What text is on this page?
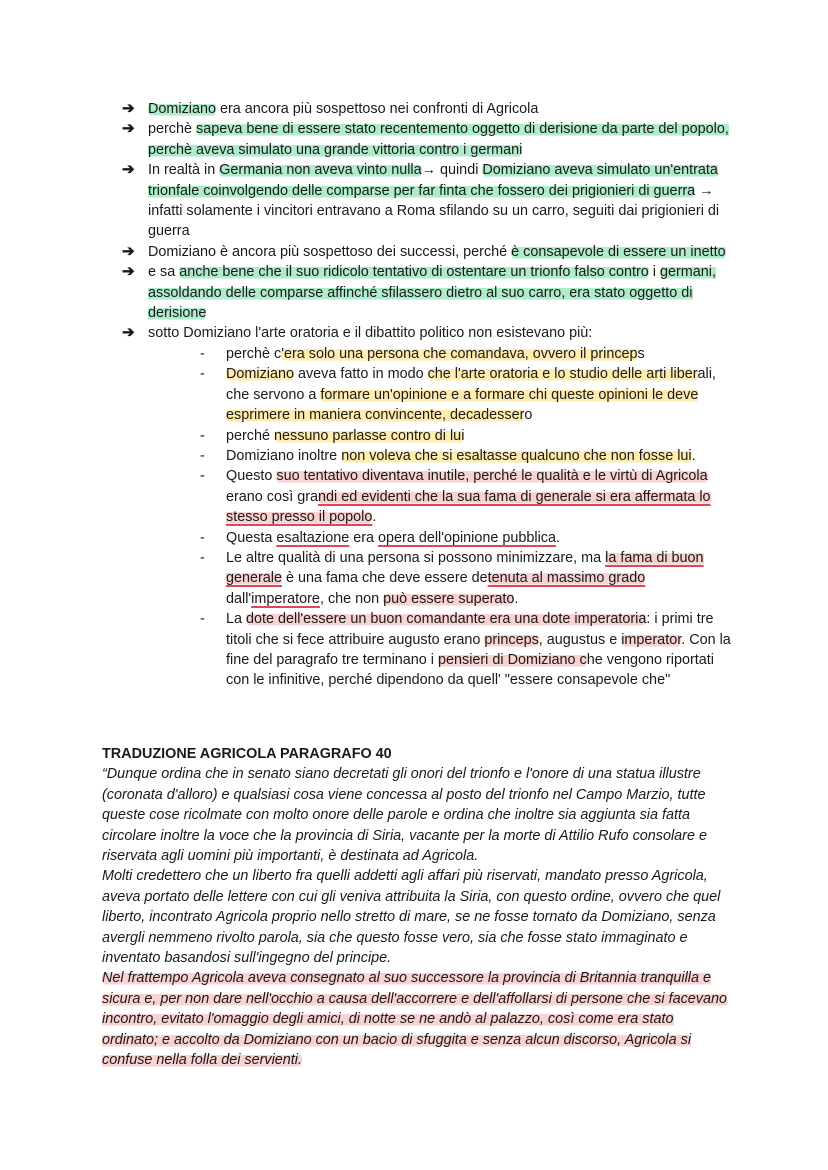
➔ Domiziano era ancora più sospettoso nei confronti di Agricola
➔ perchè sapeva bene di essere stato recentemento oggetto di derisione da parte del popolo, perchè aveva simulato una grande vittoria contro i germani
➔ In realtà in Germania non aveva vinto nulla→ quindi Domiziano aveva simulato un'entrata trionfale coinvolgendo delle comparse per far finta che fossero dei prigionieri di guerra → infatti solamente i vincitori entravano a Roma sfilando su un carro, seguiti dai prigionieri di guerra
➔ Domiziano è ancora più sospettoso dei successi, perché è consapevole di essere un inetto
➔ e sa anche bene che il suo ridicolo tentativo di ostentare un trionfo falso contro i germani, assoldando delle comparse affinché sfilassero dietro al suo carro, era stato oggetto di derisione
➔ sotto Domiziano l'arte oratoria e il dibattito politico non esistevano più:
- perchè c'era solo una persona che comandava, ovvero il princeps
- Domiziano aveva fatto in modo che l'arte oratoria e lo studio delle arti liberali, che servono a formare un'opinione e a formare chi queste opinioni le deve esprimere in maniera convincente, decadessero
- perché nessuno parlasse contro di lui
- Domiziano inoltre non voleva che si esaltasse qualcuno che non fosse lui.
- Questo suo tentativo diventava inutile, perché le qualità e le virtù di Agricola erano così grandi ed evidenti che la sua fama di generale si era affermata lo stesso presso il popolo.
- Questa esaltazione era opera dell'opinione pubblica.
- Le altre qualità di una persona si possono minimizzare, ma la fama di buon generale è una fama che deve essere detenuta al massimo grado dall'imperatore, che non può essere superato.
- La dote dell'essere un buon comandante era una dote imperatoria: i primi tre titoli che si fece attribuire augusto erano princeps, augustus e imperator. Con la fine del paragrafo tre terminano i pensieri di Domiziano che vengono riportati con le infinitive, perché dipendono da quell' "essere consapevole che"
TRADUZIONE AGRICOLA PARAGRAFO 40

“Dunque ordina che in senato siano decretati gli onori del trionfo e l'onore di una statua illustre (coronata d'alloro) e qualsiasi cosa viene concessa al posto del trionfo nel Campo Marzio, tutte queste cose ricolmate con molto onore delle parole e ordina che inoltre sia aggiunta sia fatta circolare inoltre la voce che la provincia di Siria, vacante per la morte di Attilio Rufo consolare e riservata agli uomini più importanti, è destinata ad Agricola.

Molti credettero che un liberto fra quelli addetti agli affari più riservati, mandato presso Agricola, aveva portato delle lettere con cui gli veniva attribuita la Siria, con questo ordine, ovvero che quel liberto, incontrato Agricola proprio nello stretto di mare, se ne fosse tornato da Domiziano, senza avergli nemmeno rivolto parola, sia che questo fosse vero, sia che fosse stato immaginato e inventato basandosi sull'ingegno del principe.

Nel frattempo Agricola aveva consegnato al suo successore la provincia di Britannia tranquilla e sicura e, per non dare nell'occhio a causa dell'accorrere e dell'affollarsi di persone che si facevano incontro, evitato l'omaggio degli amici, di notte se ne andò al palazzo, così come era stato ordinato; e accolto da Domiziano con un bacio di sfuggita e senza alcun discorso, Agricola si confuse nella folla dei servienti.
